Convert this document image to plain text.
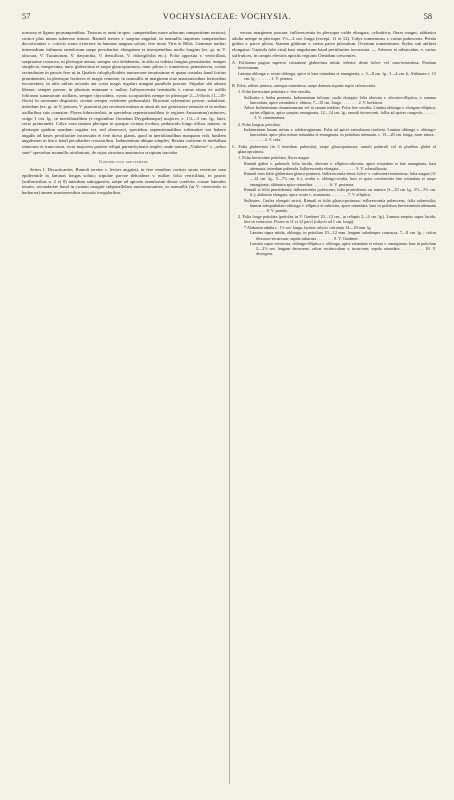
57	VOCHYSIACEAE: VOCHYSIA.	58

tortuoso et ligneo prorumpentibus. Truncus et rami in spec. campestribus more arborum campestrium tortuosi, cortice plus minus suberoso rimoso. Ramuli teretes v. saepius angulati, in nonnullis imprimis campestribus decorticantes s. corticis strato exteriore in laminas magnas soluto, fere more Vitis et Ribis. Gemmae nudae; internodium infimum ramulorum saepe peculiariter elongatum et insequentibus multo longius (ex. gr. in V. obscura, V. Tucanorum, V. dasyantha, V. densiflora, V. oblongifolia etc.). Folia opposita v. verticillata, saepissime coriacea; in plerisque annua, semper cito delabentia, in aliis ut videtur longius persistentia; semper simplicia, integerrima, nunc glaberrima et saepe glaucopruinosa, nunc pilosa v. tomentosa; penninervia, costae secundariae in paucis fere ut in Qualeis calophylloideis numerosae tenuissimae et quam costulas haud fortius prominentes, in plerisque fortiores et magis remotae; in nonnullis in marginem sine anastomosibus fortioribus excurrentes, in aliis utilius arcuatis aut costa magis regulari margini parallela junctae. Stipulae ubi adsunt liberae, semper parvae, in plurimis minimae v. nullae. Inflorescentia terminalis v. rarius etiam ex axillis foliorum summorum axillaris, semper thyrsoidea, cymis scorpioideis nempe in plerisque 2—3-floris (1—10-floris) in racemum dispositis; cicinni semper evidenter pedunculati. Bracteae solemniter parvae, subulatae, interdum (ex. gr. in V. petraea, V. punctata) per recemescentiam ut aiunt ab axe generatore remotae et in axibus axillaribus suis connatae. Flores bibracteolati, in speciebus septentrionalibus (e regione Amazonum) minores, vulgo 1 cm. lg., in meridionalibus (e regionibus Oreadum Drygadumque) majores, e. 1½—3 cm. lg., latei, certo proterandri. Calyx vasa tantum pleraque in quoque cicinna evoluta, pedunculo longo affixa, nutans; in plerisque quidem nondum cognita est, sed observavi, speciebus septentrionalibus solemniter eas habere angulis ad bases peculiariter incrassatis et fere dorso planis, quod in meridionalibus nunquam vidi, basilem anguloram in hisce haud peculiariter crassioribus. Indumentum ubique simplex. Resina corticem et medullam ramorum et truncorum, sicut majorem partem reliqui parenchymatis implet, unde nomen „Vinheiro“ s. „arbor sunt“ speciebus nonnullis attributum, de cujus structura anatomica scriptum tractabo.

Conspectus specierum.

Series I. Decorticantes. Ramuli teretes v. leviter angulati, in fere omnibus corticis strato exteriore cum epidermide in laminas longas soluto; stipulae parvae deltoideae v. nullae; folia verticillata, in paucis (suffruticibus n. 2 et 8) interdum subopposita, saepe ad apicem ramulorum dense conferta; costae laterales tenues, secundariae haud in costam margini subparallelam anastomosantes, in nonnullis (ut V. virescentis et herbacea) tamen anastomosibus arcuatis irregularibus

versus marginem junctae; inflorescentia in plerisque valde elongata, cylindrica; flores magni, alabastra adulta nempe in plerisque 1½—2 cm. longa (except. 11 et 12). Calyx tomentosus v. rarius pubescens. Petala glabra v. parce pilosa. Stamen glabrum v. rarius parce pilosulum. Ovarium tomentosum. Stylus sub anthesi elongatus. Capsula (ubi visa) basi angulorum haud peculiariter incrassata. — Arbores et arbusculae, v. rarius suffrutices, in campis elevatis aprictis regionis Oreadum crescentes.

A. Folliorum pagina superior cristatione glaberrima nitida, inferior dense fulvo- vel cano-tomentosa. Petalum bevissimum.

Lamina oblonga v. ovato-oblonga, apice et basi rotundata et emarginata, c. 5—8 cm. lg., 3—4 cm. lt. Alabastra c. 13 cm. lg. . . . . . . . 1. V. petraea.

B. Folia, saltem juniora, utrinque tomentosa, saepe demum supinis supra calvescentia.

1. Folia brevissime petiolata v. fere sessilia.

Suffrutex v. herba perennis. Indumentum fulvum; caulis elongati; folia obovata v. obovato-elliptica, v. summa lanceolata, apice rotundata v. obtusa, 7—10 cm. longa . . . . . . . . 2. V. herbacea.

Arbor. Indumentum cinnamomeum vel in canum tendens. Folia fere sessilia. Lamina oblonga v. elongato-elliptica, rarius elliptica, apice saepius emarginata, 12—14 cm. lg.; ramuli increscenti, follia ad apices congestis . . . . . . . . 3. V. cinnamomea.

2. Folia longius petiolata.

Indumentum laxum rufum v. subferrugineum. Folia ad apices ramulorum conferta. Lamina oblonga v. oblongo-lanceolata, apice plus minus rotundata et emarginata, in petiolum attenuata, c. 15—20 cm. longa, nunc minor . . . . . . . . 4. V. rufa.

C. Folia glaberrima (in 5 interdum puberula), saepe glaucopruinosa; ramuli puberuli vel in pluribus glabri et glaucopruinosi.

1. Folia brevissime petiolata; flores magni.

Ramuli glabri v. puberuli; folia lucida, obovata v. elliptico-obovata, apice rotundata et late emarginata, basi attenuata, interdum puberula. Inflorescentia elongata . . . . . . . . 5. V. schmalfussia.

Ramuli cum foliis glaberrimi glauco-pruinosi. Inflorescentia dense fulvo- v. rufescenti-tomentosa; folia magna (11—14 cm. lg., 5—7½ cm. lt.), ovalia v. oblongo-ovalia, basi et apice conformiter late rotundata et saepe emarginata; alabastra apice rotundata . . . . . . . . 6. V. pruinosa.

Ramuli et folia pruriedentia; inflorescentia pubescens; folia pruriedentia sat minora (3—10 cm. lg., 2½—5½ cm. lt.); alabastra elongata, apice acuta v. acuminata . . . . . . . . 7. V. elliptica.

Suffrutex. Caulea elongati stricti. Ramuli et folia glauco-pruinosa; inflorescentia pubescens; folia subsessilia; lamina subspathulato-oblonga v. elliptica et subovata, apice rotundata, basi in petiolum breviasimum attenuata . . . . . . . . 8. V. pumila.

2. Folia longe petiolata (petiolus in V. Gardneri 10—12 cm., in reliquis 2—4 cm. lg.). Lamina saepius supra lucida, fere ut vernicosa. Flores in 11 et 12 parvi (calycis ad 1 cm. longi).

* Alabastra adulta c. 1½ cm. longa; lacinia calycis calcarata 14—18 mm. lg.

Lamina supra nitida, oblonga, in petiolum 10—12 mm. longum subabrupte contracta, 7—8 cm. lg. ; calcar flexuoso-recurvum; sepala subacuta . . . . . . . . 9. V. Gardneri.

Lamina supra vernicosa, oblongo-elliptica v. oblonga, apice rotundata et retusa v. emarginata, basi in petiolum 2—2½ cm. longum decurrens; calcar rectiusculum v. incurvum; sepala rotundata . . . . . . . . 10. V. divergens.
